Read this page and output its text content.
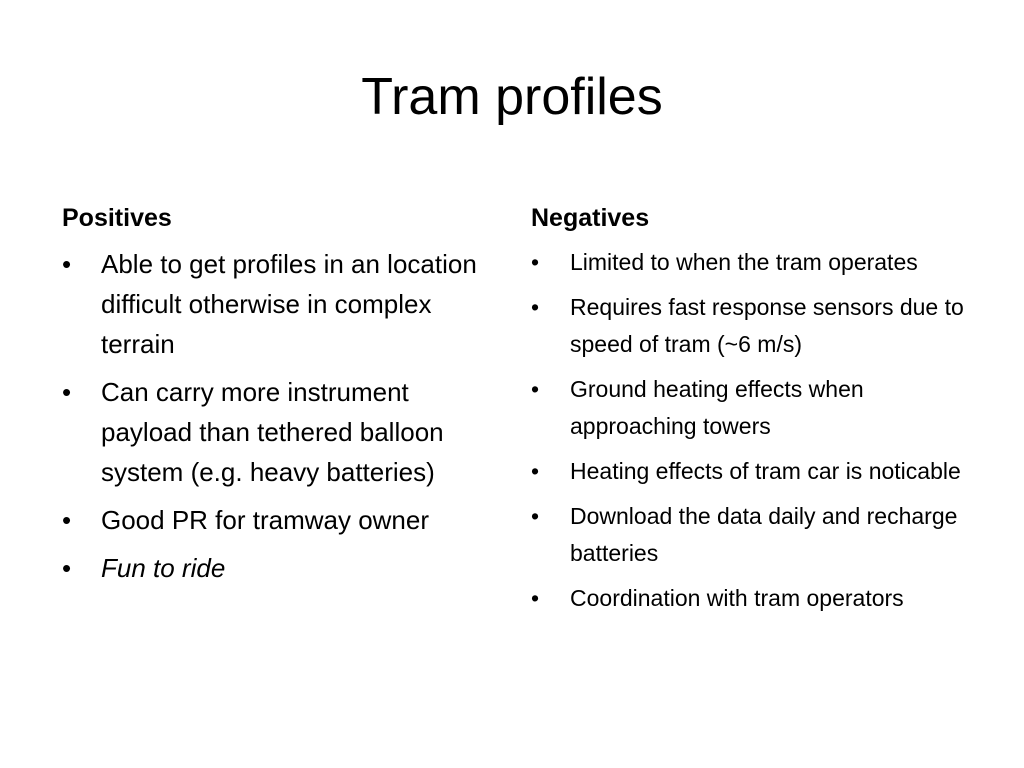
Tram profiles
Positives
• Able to get profiles in an location difficult otherwise in complex terrain
• Can carry more instrument payload than tethered balloon system (e.g. heavy batteries)
• Good PR for tramway owner
• Fun to ride
Negatives
• Limited to when the tram operates
• Requires fast response sensors due to speed of tram (~6 m/s)
• Ground heating effects when approaching towers
• Heating effects of tram car is noticable
• Download the data daily and recharge batteries
• Coordination with tram operators
